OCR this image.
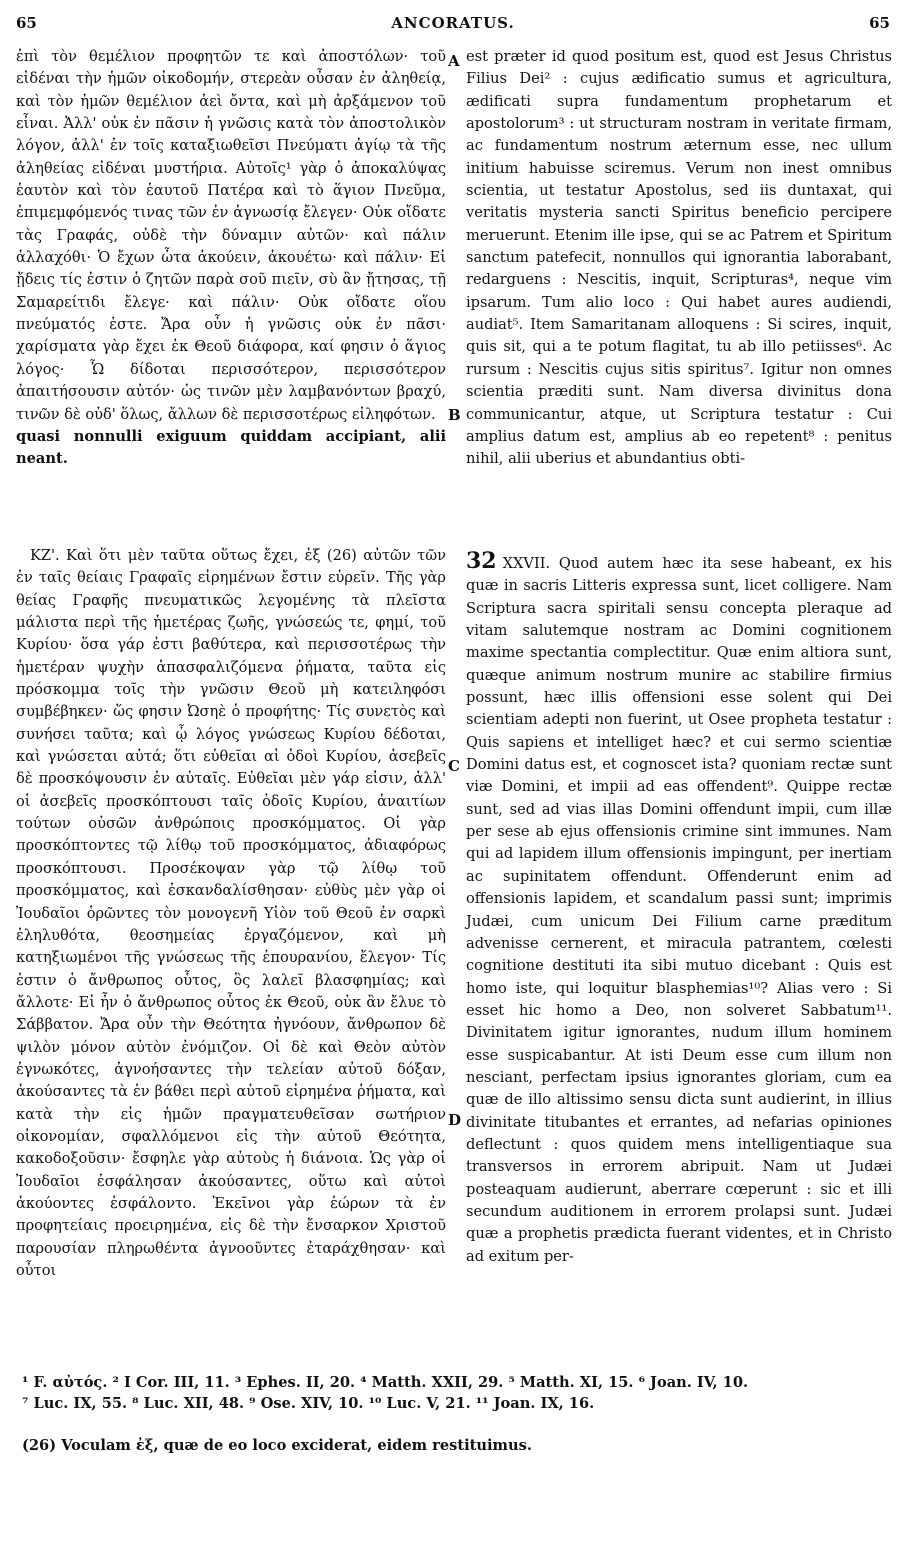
65	ANCORATUS.	65

ἐπὶ τὸν θεμέλιον προφητῶν τε καὶ ἀποστόλων· τοῦ εἰδέναι τὴν ἡμῶν οἰκοδομήν, στερεὰν οὖσαν ἐν ἀληθείᾳ, καὶ τὸν ἡμῶν θεμέλιον ἀεὶ ὄντα, καὶ μὴ ἀρξάμενον τοῦ εἶναι. Ἀλλ' οὐκ ἐν πᾶσιν ἡ γνῶσις κατὰ τὸν ἀποστολικὸν λόγον, ἀλλ' ἐν τοῖς καταξιωθεῖσι Πνεύματι ἁγίῳ τὰ τῆς ἀληθείας εἰδέναι μυστήρια. Αὐτοῖς¹ γὰρ ὁ ἀποκαλύψας ἑαυτὸν καὶ τὸν ἑαυτοῦ Πατέρα καὶ τὸ ἅγιον Πνεῦμα, ἐπιμεμφόμενός τινας τῶν ἐν ἀγνωσίᾳ ἔλεγεν· Οὐκ οἴδατε τὰς Γραφάς, οὐδὲ τὴν δύναμιν αὐτῶν· καὶ πάλιν ἀλλαχόθι· Ὁ ἔχων ὦτα ἀκούειν, ἀκουέτω· καὶ πάλιν· Εἰ ᾔδεις τίς ἐστιν ὁ ζητῶν παρὰ σοῦ πιεῖν, σὺ ἂν ᾔτησας, τῇ Σαμαρείτιδι ἔλεγε· καὶ πάλιν· Οὐκ οἴδατε οἵου πνεύματός ἐστε. Ἄρα οὖν ἡ γνῶσις οὐκ ἐν πᾶσι· χαρίσματα γὰρ ἔχει ἐκ Θεοῦ διάφορα, καί φησιν ὁ ἅγιος λόγος· Ὧ δίδοται περισσότερον, περισσότερον ἀπαιτήσουσιν αὐτόν· ὡς τινῶν μὲν λαμβανόντων βραχύ, τινῶν δὲ οὐδ' ὅλως, ἄλλων δὲ περισσοτέρως εἰληφότων.

quasi nonnulli exiguum quiddam accipiant, alii neant.

ΚΖ'. Καὶ ὅτι μὲν ταῦτα οὕτως ἔχει, ἐξ (26) αὐτῶν τῶν ἐν ταῖς θείαις Γραφαῖς εἰρημένων ἔστιν εὑρεῖν. Τῆς γὰρ θείας Γραφῆς πνευματικῶς λεγομένης τὰ πλεῖστα μάλιστα περὶ τῆς ἡμετέρας ζωῆς, γνώσεώς τε, φημί, τοῦ Κυρίου· ὅσα γάρ ἐστι βαθύτερα, καὶ περισσοτέρως τὴν ἡμετέραν ψυχὴν ἀπασφαλιζόμενα ῥήματα, ταῦτα εἰς πρόσκομμα τοῖς τὴν γνῶσιν Θεοῦ μὴ κατειληφόσι συμβέβηκεν· ὥς φησιν Ὠσηὲ ὁ προφήτης· Τίς συνετὸς καὶ συνήσει ταῦτα; καὶ ᾧ λόγος γνώσεως Κυρίου δέδοται, καὶ γνώσεται αὐτά; ὅτι εὐθεῖαι αἱ ὁδοὶ Κυρίου, ἀσεβεῖς δὲ προσκόψουσιν ἐν αὐταῖς. Εὐθεῖαι μὲν γάρ εἰσιν, ἀλλ' οἱ ἀσεβεῖς προσκόπτουσι ταῖς ὁδοῖς Κυρίου, ἀναιτίων τούτων οὐσῶν ἀνθρώποις προσκόμματος. Οἱ γὰρ προσκόπτοντες τῷ λίθῳ τοῦ προσκόμματος, ἀδιαφόρως προσκόπτουσι. Προσέκοψαν γὰρ τῷ λίθῳ τοῦ προσκόμματος, καὶ ἐσκανδαλίσθησαν· εὐθὺς μὲν γὰρ οἱ Ἰουδαῖοι ὁρῶντες τὸν μονογενῆ Υἱὸν τοῦ Θεοῦ ἐν σαρκὶ ἐληλυθότα, θεοσημείας ἐργαζόμενον, καὶ μὴ κατηξιωμένοι τῆς γνώσεως τῆς ἐπουρανίου, ἔλεγον· Τίς ἐστιν ὁ ἄνθρωπος οὗτος, ὃς λαλεῖ βλασφημίας; καὶ ἄλλοτε· Εἰ ἦν ὁ ἄνθρωπος οὗτος ἐκ Θεοῦ, οὐκ ἂν ἔλυε τὸ Σάββατον. Ἄρα οὖν τὴν Θεότητα ἠγνόουν, ἄνθρωπον δὲ ψιλὸν μόνον αὐτὸν ἐνόμιζον. Οἱ δὲ καὶ Θεὸν αὐτὸν ἐγνωκότες, ἀγνοήσαντες τὴν τελείαν αὐτοῦ δόξαν, ἀκούσαντες τὰ ἐν βάθει περὶ αὐτοῦ εἰρημένα ῥήματα, καὶ κατὰ τὴν εἰς ἡμῶν πραγματευθεῖσαν σωτήριον οἰκονομίαν, σφαλλόμενοι εἰς τὴν αὐτοῦ Θεότητα, κακοδοξοῦσιν· ἔσφηλε γὰρ αὐτοὺς ἡ διάνοια. Ὡς γὰρ οἱ Ἰουδαῖοι ἐσφάλησαν ἀκούσαντες, οὕτω καὶ αὐτοὶ ἀκούοντες ἐσφάλοντο. Ἐκεῖνοι γὰρ ἑώρων τὰ ἐν προφητείαις προειρημένα, εἰς δὲ τὴν ἔνσαρκον Χριστοῦ παρουσίαν πληρωθέντα ἀγνοοῦντες ἐταράχθησαν· καὶ οὗτοι

est præter id quod positum est, quod est Jesus Christus Filius Dei² : cujus ædificatio sumus et agricultura, ædificati supra fundamentum prophetarum et apostolorum³ : ut structuram nostram in veritate firmam, ac fundamentum nostrum æternum esse, nec ullum initium habuisse sciremus. Verum non inest omnibus scientia, ut testatur Apostolus, sed iis duntaxat, qui veritatis mysteria sancti Spiritus beneficio percipere meruerunt. Etenim ille ipse, qui se ac Patrem et Spiritum sanctum patefecit, nonnullos qui ignorantia laborabant, redarguens : Nescitis, inquit, Scripturas⁴, neque vim ipsarum. Tum alio loco : Qui habet aures audiendi, audiat⁵. Item Samaritanam alloquens : Si scires, inquit, quis sit, qui a te potum flagitat, tu ab illo petiisses⁶. Ac rursum : Nescitis cujus sitis spiritus⁷. Igitur non omnes scientia præditi sunt. Nam diversa divinitus dona communicantur, atque, ut Scriptura testatur : Cui amplius datum est, amplius ab eo repetent⁸ : penitus nihil, alii uberius et abundantius obti-

32 XXVII. Quod autem hæc ita sese habeant, ex his quæ in sacris Litteris expressa sunt, licet colligere. Nam Scriptura sacra spiritali sensu concepta pleraque ad vitam salutemque nostram ac Domini cognitionem maxime spectantia complectitur. Quæ enim altiora sunt, quæque animum nostrum munire ac stabilire firmius possunt, hæc illis offensioni esse solent qui Dei scientiam adepti non fuerint, ut Osee propheta testatur : Quis sapiens et intelliget hæc? et cui sermo scientiæ Domini datus est, et cognoscet ista? quoniam rectæ sunt viæ Domini, et impii ad eas offendent⁹. Quippe rectæ sunt, sed ad vias illas Domini offendunt impii, cum illæ per sese ab ejus offensionis crimine sint immunes. Nam qui ad lapidem illum offensionis impingunt, per inertiam ac supinitatem offendunt. Offenderunt enim ad offensionis lapidem, et scandalum passi sunt; imprimis Judæi, cum unicum Dei Filium carne præditum advenisse cernerent, et miracula patrantem, cœlesti cognitione destituti ita sibi mutuo dicebant : Quis est homo iste, qui loquitur blasphemias¹⁰? Alias vero : Si esset hic homo a Deo, non solveret Sabbatum¹¹. Divinitatem igitur ignorantes, nudum illum hominem esse suspicabantur. At isti Deum esse cum illum non nesciant, perfectam ipsius ignorantes gloriam, cum ea quæ de illo altissimo sensu dicta sunt audierint, in illius divinitate titubantes et errantes, ad nefarias opiniones deflectunt : quos quidem mens intelligentiaque sua transversos in errorem abripuit. Nam ut Judæi posteaquam audierunt, aberrare cœperunt : sic et illi secundum auditionem in errorem prolapsi sunt. Judæi quæ a prophetis prædicta fuerant videntes, et in Christo ad exitum per-

A
B
C
D

¹ F. αὐτός. ² I Cor. III, 11. ³ Ephes. II, 20. ⁴ Matth. XXII, 29. ⁵ Matth. XI, 15. ⁶ Joan. IV, 10.

⁷ Luc. IX, 55. ⁸ Luc. XII, 48. ⁹ Ose. XIV, 10. ¹⁰ Luc. V, 21. ¹¹ Joan. IX, 16.

(26) Voculam ἐξ, quæ de eo loco exciderat, eidem restituimus.
